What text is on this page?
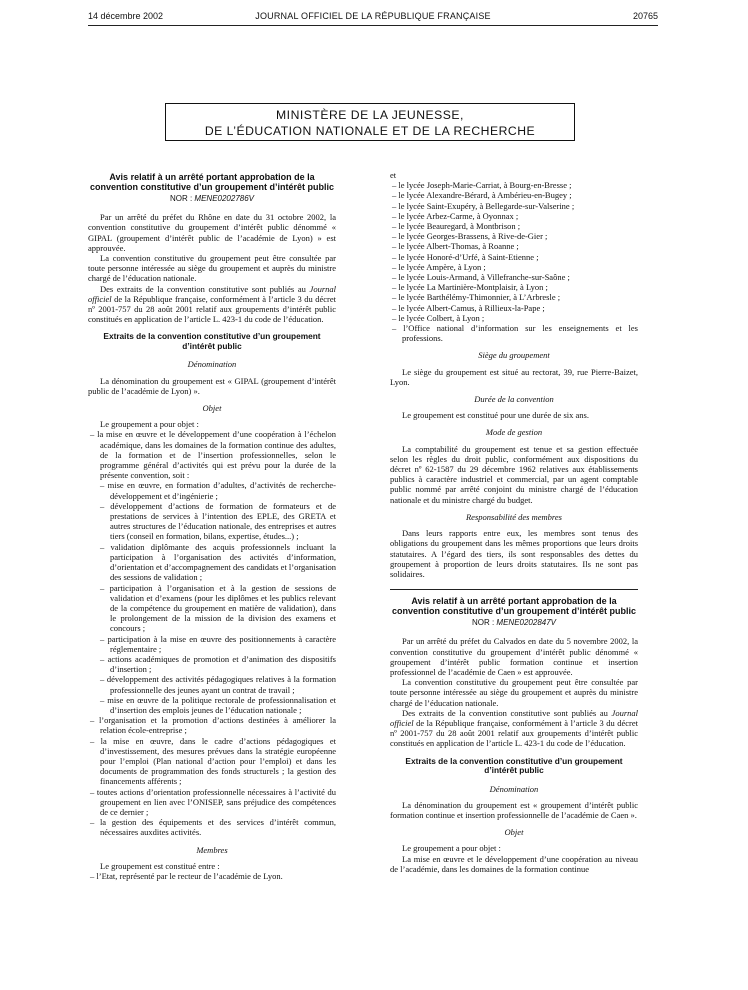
14 décembre 2002	JOURNAL OFFICIEL DE LA RÉPUBLIQUE FRANÇAISE	20765
MINISTÈRE DE LA JEUNESSE,
DE L’ÉDUCATION NATIONALE ET DE LA RECHERCHE
Avis relatif à un arrêté portant approbation de la convention constitutive d’un groupement d’intérêt public
NOR : MENE0202786V

Par un arrêté du préfet du Rhône en date du 31 octobre 2002, la convention constitutive du groupement d’intérêt public dénommé « GIPAL (groupement d’intérêt public de l’académie de Lyon) » est approuvée.

La convention constitutive du groupement peut être consultée par toute personne intéressée au siège du groupement et auprès du ministre chargé de l’éducation nationale.

Des extraits de la convention constitutive sont publiés au Journal officiel de la République française, conformément à l’article 3 du décret nº 2001-757 du 28 août 2001 relatif aux groupements d’intérêt public constitués en application de l’article L. 423-1 du code de l’éducation.

Extraits de la convention constitutive d’un groupement d’intérêt public
Dénomination

La dénomination du groupement est « GIPAL (groupement d’intérêt public de l’académie de Lyon) ».

Objet

Le groupement a pour objet :

– la mise en œuvre et le développement d’une coopération à l’échelon académique, dans les domaines de la formation continue des adultes, de la formation et de l’insertion professionnelles, selon le programme général d’activités qui est prévu pour la durée de la présente convention, soit :
– mise en œuvre, en formation d’adultes, d’activités de recherche-développement et d’ingénierie ;
– développement d’actions de formation de formateurs et de prestations de services à l’intention des EPLE, des GRETA et autres structures de l’éducation nationale, des entreprises et autres tiers (conseil en formation, bilans, expertise, études...) ;
– validation diplômante des acquis professionnels incluant la participation à l’organisation des activités d’information, d’orientation et d’accompagnement des candidats et l’organisation des sessions de validation ;
– participation à l’organisation et à la gestion de sessions de validation et d’examens (pour les diplômes et les publics relevant de la compétence du groupement en matière de validation), dans le prolongement de la mission de la division des examens et concours ;
– participation à la mise en œuvre des positionnements à caractère réglementaire ;
– actions académiques de promotion et d’animation des dispositifs d’insertion ;
– développement des activités pédagogiques relatives à la formation professionnelle des jeunes ayant un contrat de travail ;
– mise en œuvre de la politique rectorale de professionnalisation et d’insertion des emplois jeunes de l’éducation nationale ;
– l’organisation et la promotion d’actions destinées à améliorer la relation école-entreprise ;
– la mise en œuvre, dans le cadre d’actions pédagogiques et d’investissement, des mesures prévues dans la stratégie européenne pour l’emploi (Plan national d’action pour l’emploi) et dans les documents de programmation des fonds structurels ; la gestion des financements afférents ;
– toutes actions d’orientation professionnelle nécessaires à l’activité du groupement en lien avec l’ONISEP, sans préjudice des compétences de ce dernier ;
– la gestion des équipements et des services d’intérêt commun, nécessaires auxdites activités.
Membres

Le groupement est constitué entre :

– l’Etat, représenté par le recteur de l’académie de Lyon.

et

– le lycée Joseph-Marie-Carriat, à Bourg-en-Bresse ;
– le lycée Alexandre-Bérard, à Ambérieu-en-Bugey ;
– le lycée Saint-Exupéry, à Bellegarde-sur-Valserine ;
– le lycée Arbez-Carme, à Oyonnax ;
– le lycée Beauregard, à Montbrison ;
– le lycée Georges-Brassens, à Rive-de-Gier ;
– le lycée Albert-Thomas, à Roanne ;
– le lycée Honoré-d’Urfé, à Saint-Etienne ;
– le lycée Ampère, à Lyon ;
– le lycée Louis-Armand, à Villefranche-sur-Saône ;
– le lycée La Martinière-Montplaisir, à Lyon ;
– le lycée Barthélémy-Thimonnier, à L’Arbresle ;
– le lycée Albert-Camus, à Rillieux-la-Pape ;
– le lycée Colbert, à Lyon ;
– l’Office national d’information sur les enseignements et les professions.
Siège du groupement

Le siège du groupement est situé au rectorat, 39, rue Pierre-Baizet, Lyon.

Durée de la convention

Le groupement est constitué pour une durée de six ans.

Mode de gestion

La comptabilité du groupement est tenue et sa gestion effectuée selon les règles du droit public, conformément aux dispositions du décret nº 62-1587 du 29 décembre 1962 relatives aux établissements publics à caractère industriel et commercial, par un agent comptable public nommé par arrêté conjoint du ministre chargé de l’éducation nationale et du ministre chargé du budget.

Responsabilité des membres

Dans leurs rapports entre eux, les membres sont tenus des obligations du groupement dans les mêmes proportions que leurs droits statutaires. A l’égard des tiers, ils sont responsables des dettes du groupement à proportion de leurs droits statutaires. Ils ne sont pas solidaires.

Avis relatif à un arrêté portant approbation de la convention constitutive d’un groupement d’intérêt public
NOR : MENE0202847V

Par un arrêté du préfet du Calvados en date du 5 novembre 2002, la convention constitutive du groupement d’intérêt public dénommé « groupement d’intérêt public formation continue et insertion professionnel de l’académie de Caen » est approuvée.

La convention constitutive du groupement peut être consultée par toute personne intéressée au siège du groupement et auprès du ministre chargé de l’éducation nationale.

Des extraits de la convention constitutive sont publiés au Journal officiel de la République française, conformément à l’article 3 du décret nº 2001-757 du 28 août 2001 relatif aux groupements d’intérêt public constitués en application de l’article L. 423-1 du code de l’éducation.

Extraits de la convention constitutive d’un groupement d’intérêt public
Dénomination

La dénomination du groupement est « groupement d’intérêt public formation continue et insertion professionnelle de l’académie de Caen ».

Objet

Le groupement a pour objet :

La mise en œuvre et le développement d’une coopération au niveau de l’académie, dans les domaines de la formation continue
